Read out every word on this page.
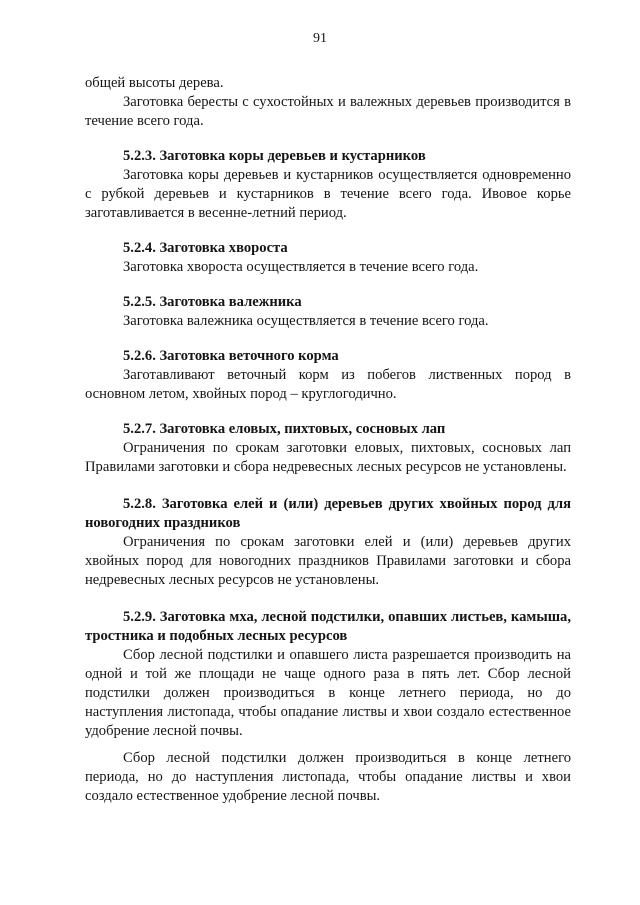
91

общей высоты дерева.

Заготовка бересты с сухостойных и валежных деревьев производится в течение всего года.

5.2.3. Заготовка коры деревьев и кустарников

Заготовка коры деревьев и кустарников осуществляется одновременно с рубкой деревьев и кустарников в течение всего года. Ивовое корье заготавливается в весенне-летний период.

5.2.4. Заготовка хвороста

Заготовка хвороста осуществляется в течение всего года.

5.2.5. Заготовка валежника

Заготовка валежника осуществляется в течение всего года.

5.2.6. Заготовка веточного корма

Заготавливают веточный корм из побегов лиственных пород в основном летом, хвойных пород – круглогодично.

5.2.7. Заготовка еловых, пихтовых, сосновых лап

Ограничения по срокам заготовки еловых, пихтовых, сосновых лап Правилами заготовки и сбора недревесных лесных ресурсов не установлены.

5.2.8. Заготовка елей и (или) деревьев других хвойных пород для новогодних праздников

Ограничения по срокам заготовки елей и (или) деревьев других хвойных пород для новогодних праздников Правилами заготовки и сбора недревесных лесных ресурсов не установлены.

5.2.9. Заготовка мха, лесной подстилки, опавших листьев, камыша, тростника и подобных лесных ресурсов

Сбор лесной подстилки и опавшего листа разрешается производить на одной и той же площади не чаще одного раза в пять лет. Сбор лесной подстилки должен производиться в конце летнего периода, но до наступления листопада, чтобы опадание листвы и хвои создало естественное удобрение лесной почвы.

Сбор лесной подстилки должен производиться в конце летнего периода, но до наступления листопада, чтобы опадание листвы и хвои создало естественное удобрение лесной почвы.
